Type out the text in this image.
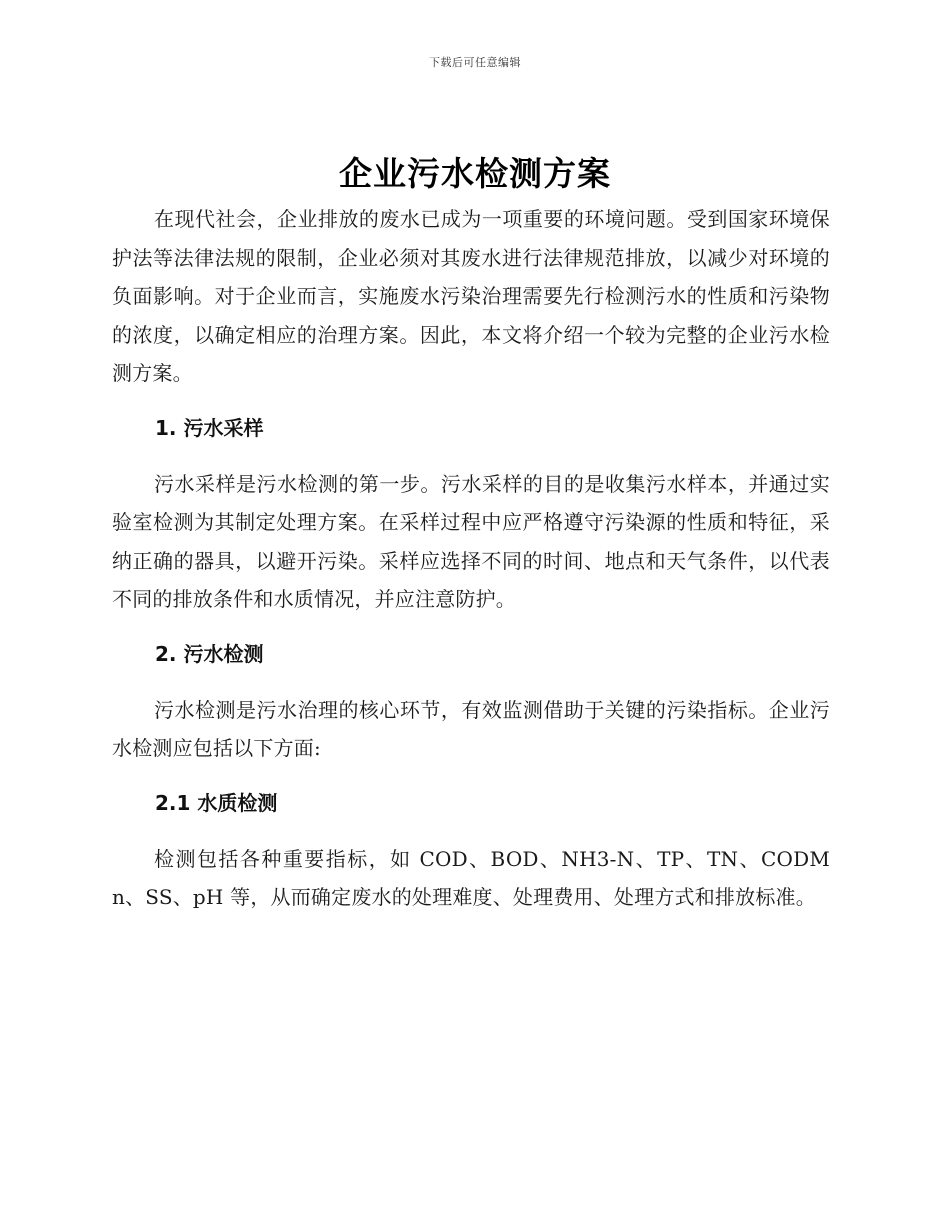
下载后可任意编辑
企业污水检测方案

在现代社会，企业排放的废水已成为一项重要的环境问题。受到国家环境保护法等法律法规的限制，企业必须对其废水进行法律规范排放，以减少对环境的负面影响。对于企业而言，实施废水污染治理需要先行检测污水的性质和污染物的浓度，以确定相应的治理方案。因此，本文将介绍一个较为完整的企业污水检测方案。

1. 污水采样

污水采样是污水检测的第一步。污水采样的目的是收集污水样本，并通过实验室检测为其制定处理方案。在采样过程中应严格遵守污染源的性质和特征，采纳正确的器具，以避开污染。采样应选择不同的时间、地点和天气条件，以代表不同的排放条件和水质情况，并应注意防护。

2. 污水检测

污水检测是污水治理的核心环节，有效监测借助于关键的污染指标。企业污水检测应包括以下方面:

2.1 水质检测

检测包括各种重要指标，如 COD、BOD、NH3-N、TP、TN、CODMn、SS、pH 等，从而确定废水的处理难度、处理费用、处理方式和排放标准。
